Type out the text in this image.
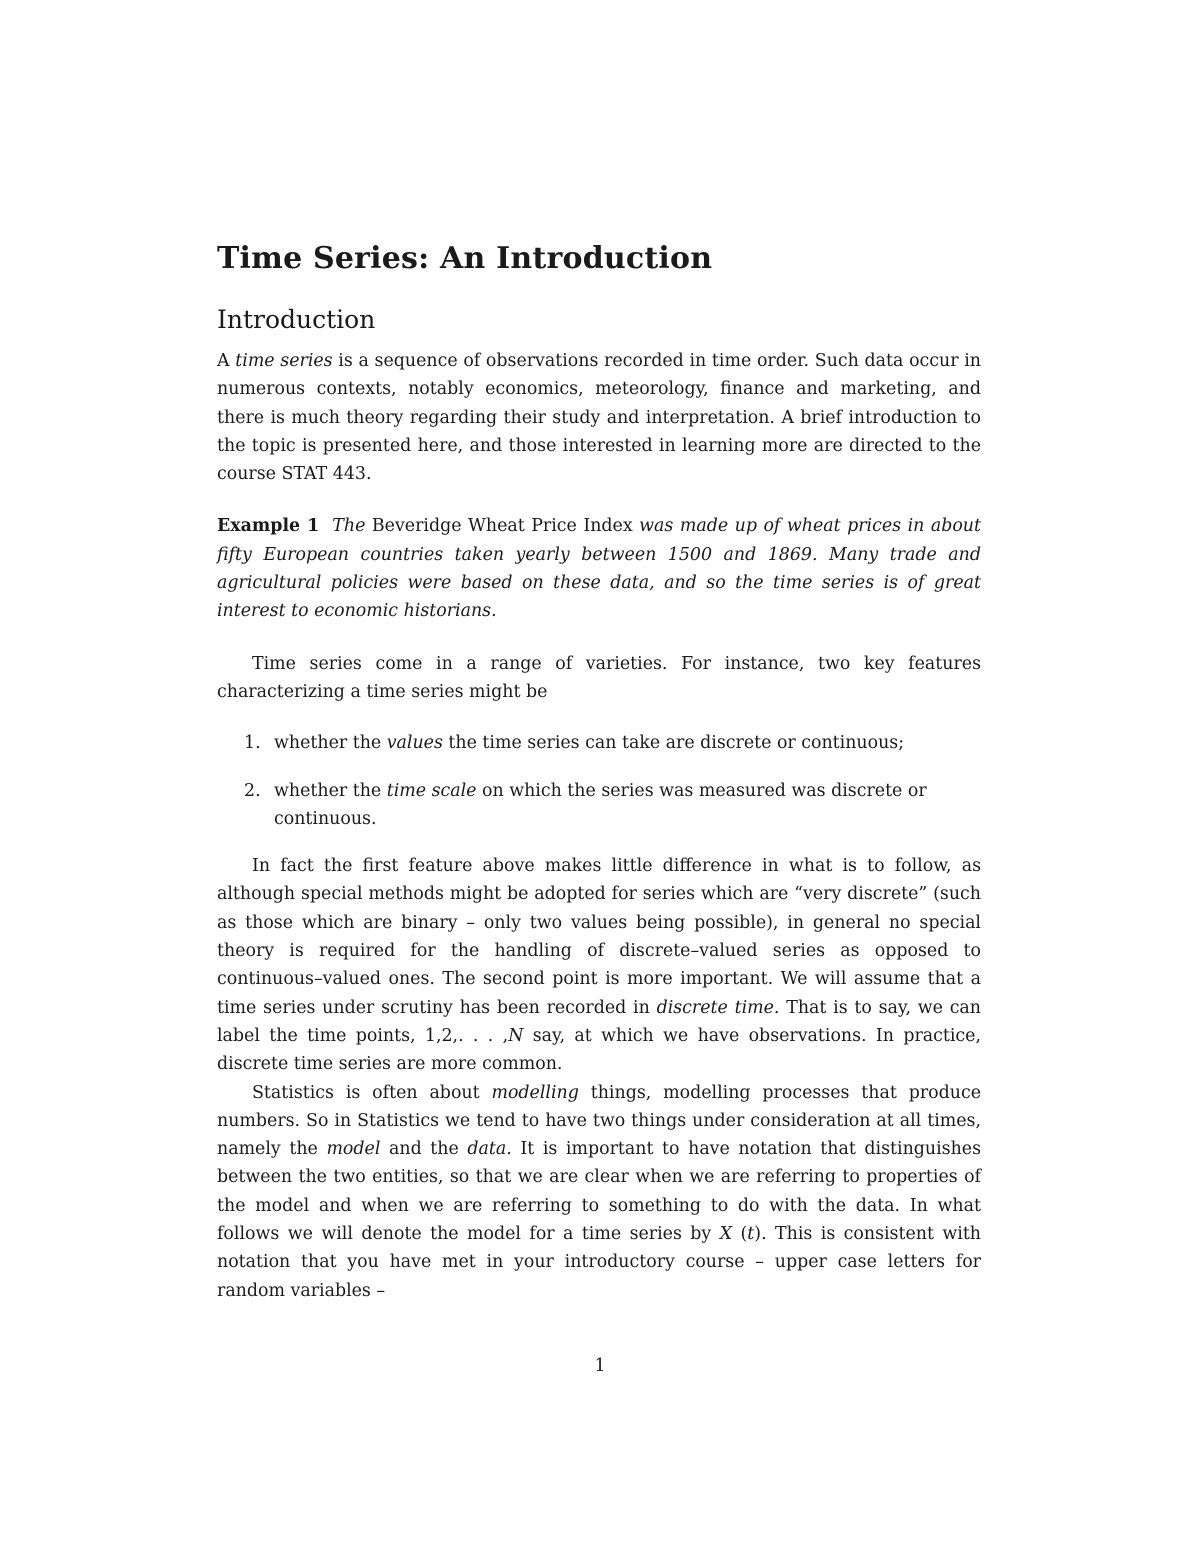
Time Series: An Introduction
Introduction

A time series is a sequence of observations recorded in time order. Such data occur in numerous contexts, notably economics, meteorology, finance and marketing, and there is much theory regarding their study and interpretation. A brief introduction to the topic is presented here, and those interested in learning more are directed to the course STAT 443.

Example 1 The Beveridge Wheat Price Index was made up of wheat prices in about fifty European countries taken yearly between 1500 and 1869. Many trade and agricultural policies were based on these data, and so the time series is of great interest to economic historians.

Time series come in a range of varieties. For instance, two key features characterizing a time series might be

1. whether the values the time series can take are discrete or continuous;
2. whether the time scale on which the series was measured was discrete or continuous.

In fact the first feature above makes little difference in what is to follow, as although special methods might be adopted for series which are “very discrete” (such as those which are binary – only two values being possible), in general no special theory is required for the handling of discrete–valued series as opposed to continuous–valued ones. The second point is more important. We will assume that a time series under scrutiny has been recorded in discrete time. That is to say, we can label the time points, 1,2,. . . ,N say, at which we have observations. In practice, discrete time series are more common.

Statistics is often about modelling things, modelling processes that produce numbers. So in Statistics we tend to have two things under consideration at all times, namely the model and the data. It is important to have notation that distinguishes between the two entities, so that we are clear when we are referring to properties of the model and when we are referring to something to do with the data. In what follows we will denote the model for a time series by X (t). This is consistent with notation that you have met in your introductory course – upper case letters for random variables –

1
